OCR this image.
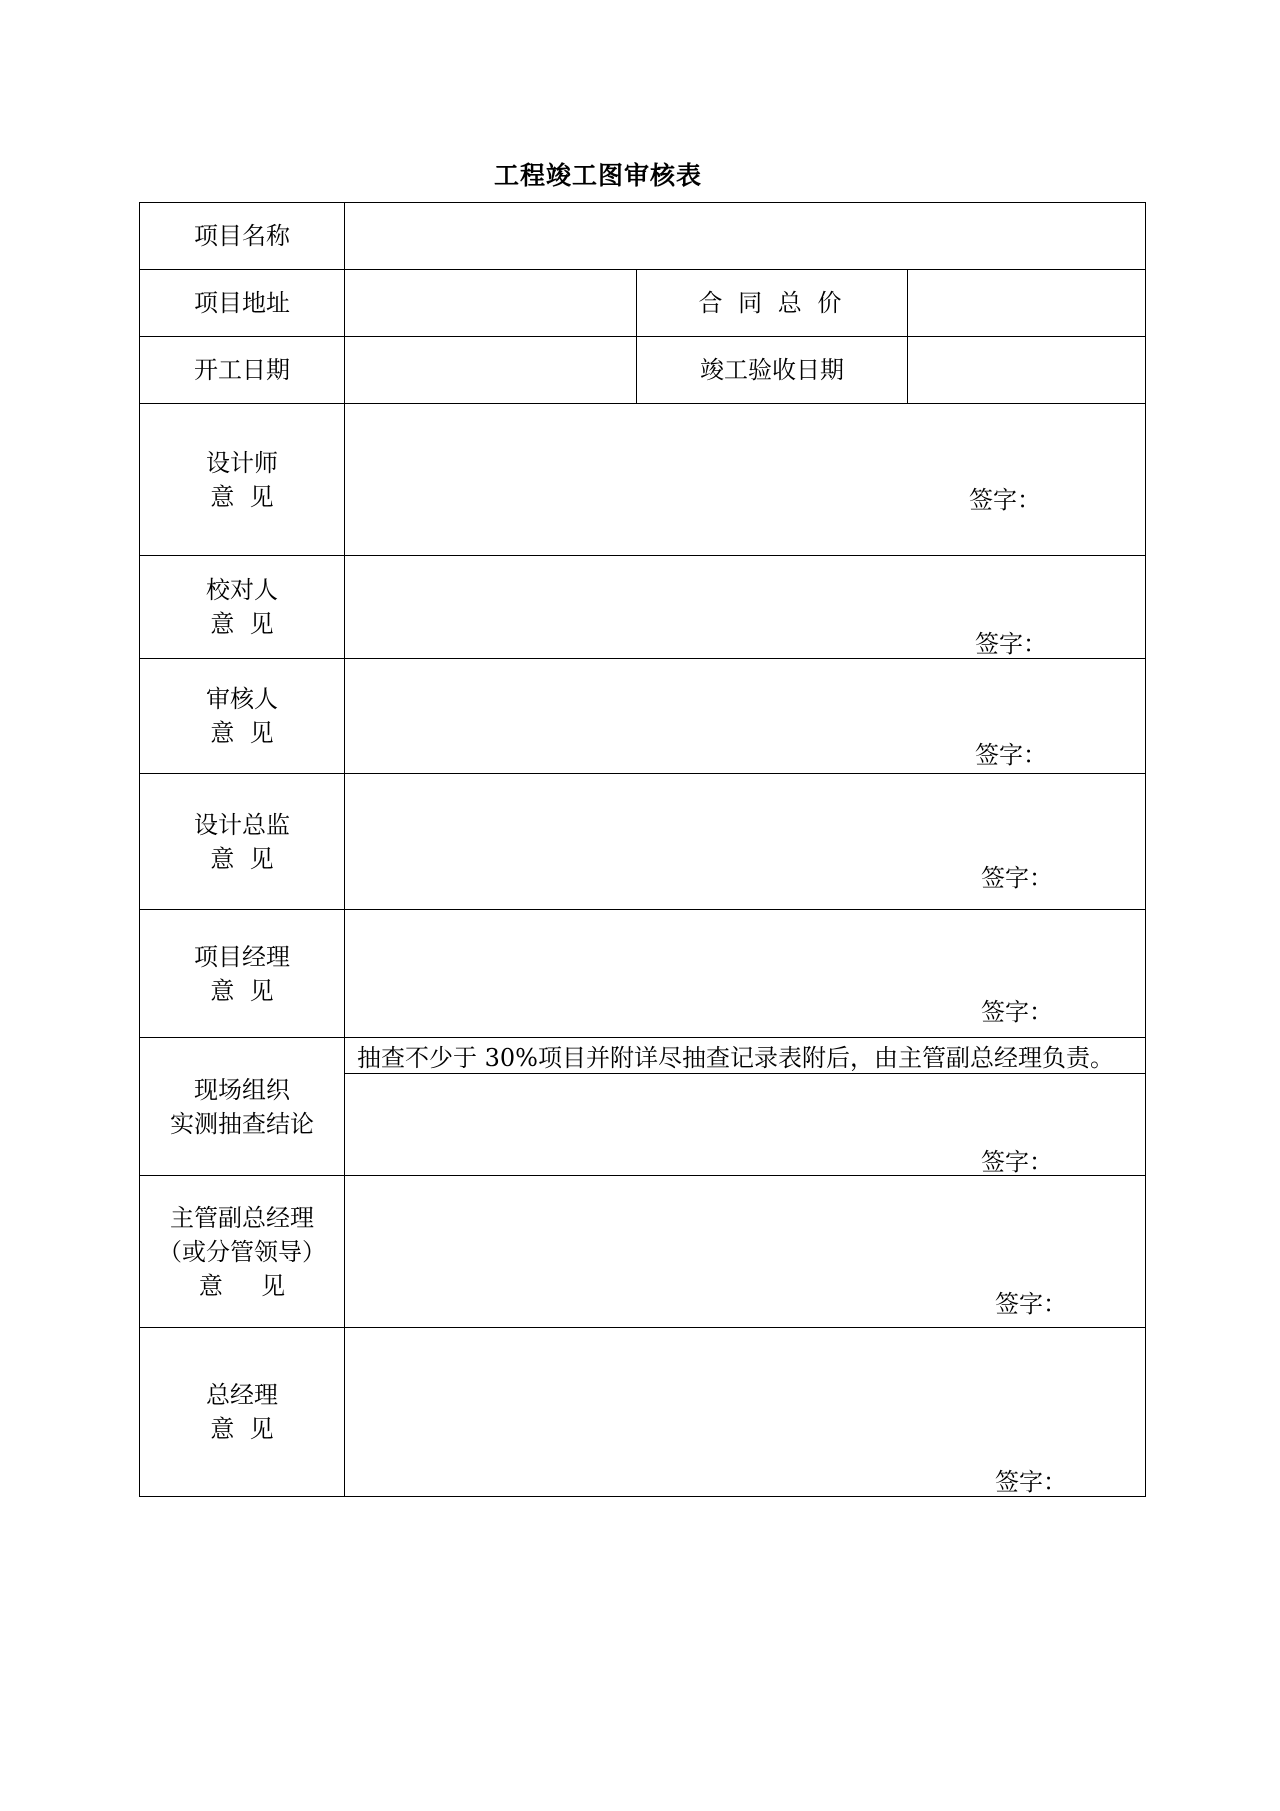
工程竣工图审核表
项目名称			
项目地址		合 同 总 价	
开工日期		竣工验收日期	

设计师
意  见	签字：		

校对人
意  见	签字：		

审核人
意  见	签字：		

设计总监
意  见	签字：		

项目经理
意  见	签字：		

现场组织
实测抽查结论	抽查不少于 30%项目并附详尽抽查记录表附后，由主管副总经理负责。		

	签字：		

主管副总经理
（或分管领导）
意     见	签字：		

总经理
意  见	签字：		
